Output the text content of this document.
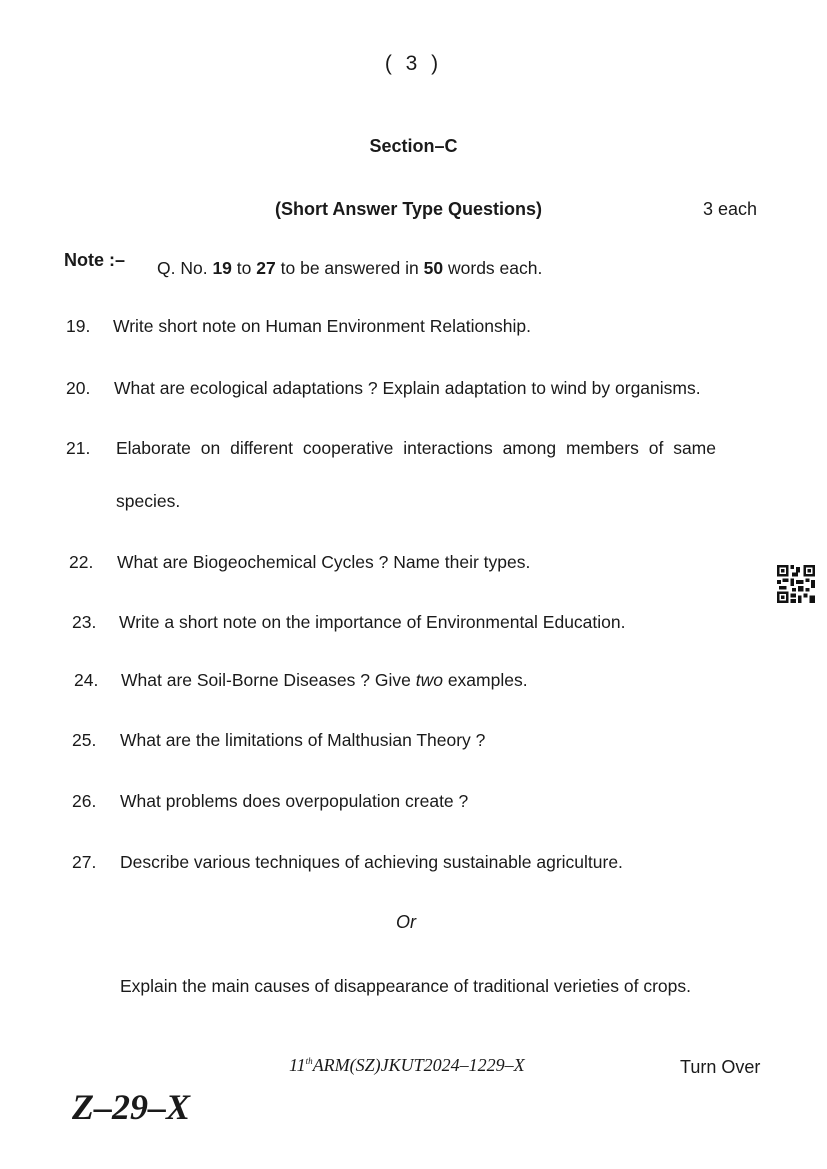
( 3 )
Section–C
(Short Answer Type Questions)	3 each
Note :– Q. No. 19 to 27 to be answered in 50 words each.
19. Write short note on Human Environment Relationship.
20. What are ecological adaptations ? Explain adaptation to wind by organisms.
21. Elaborate on different cooperative interactions among members of same
species.
22. What are Biogeochemical Cycles ? Name their types.
23. Write a short note on the importance of Environmental Education.
24. What are Soil-Borne Diseases ? Give two examples.
25. What are the limitations of Malthusian Theory ?
26. What problems does overpopulation create ?
27. Describe various techniques of achieving sustainable agriculture.
Or
Explain the main causes of disappearance of traditional verieties of crops.
11thARM(SZ)JKUT2024–1229–X	Turn Over
Z–29–X
